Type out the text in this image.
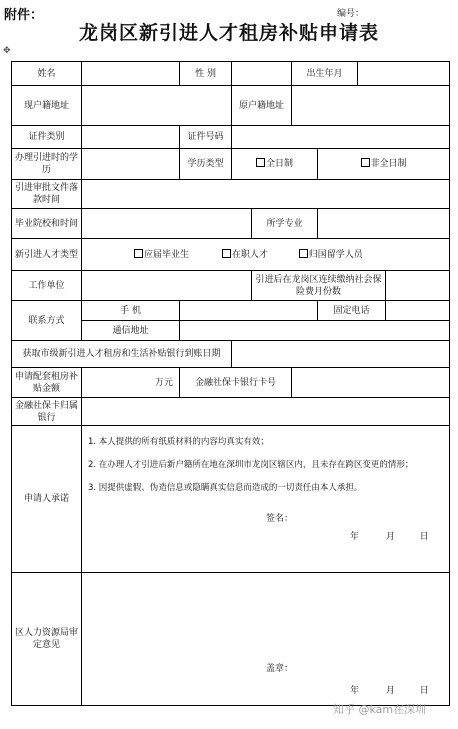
附件：	编号：
龙岗区新引进人才租房补贴申请表
✥
姓名		性 别			出生年月			
现户籍地址			原户籍地址					
证件类别		证件号码						
办理引进时的学历		学历类型	全日制			非全日制		
引进审批文件落款时间								
毕业院校和时间				所学专业				
新引进人才类型	应届毕业生 在职人才 归国留学人员							
工作单位				引进后在龙岗区连续缴纳社会保险费月份数				
联系方式	手 机					固定电话		
	通信地址							
获取市级新引进人才租房和生活补贴银行到账日期								
申请配套租房补贴金额	万元	金融社保卡银行卡号						
金融社保卡归属银行								
申请人承诺	1. 本人提供的所有纸质材料的内容均真实有效；

2. 在办理人才引进后新户籍所在地在深圳市龙岗区辖区内，且未存在跨区变更的情形；

3. 因提供虚假、伪造信息或隐瞒真实信息而造成的一切责任由本人承担。

签名：
年 月 日							

区人力资源局审定意见	盖章：
年 月 日							
知乎 @kam在深圳
